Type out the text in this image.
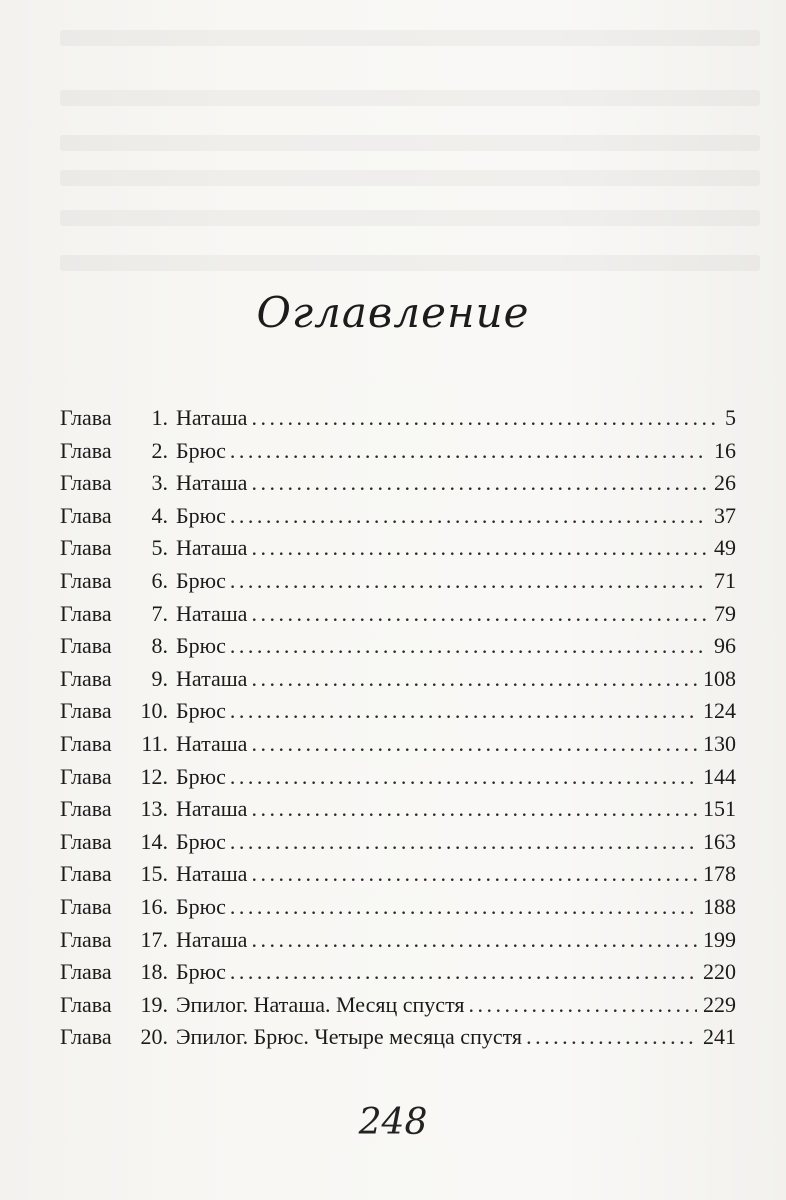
Оглавление
Глава	1. Наташа . . .	5
Глава	2. Брюс . . .	16
Глава	3. Наташа . . .	26
Глава	4. Брюс . . .	37
Глава	5. Наташа . . .	49
Глава	6. Брюс . . .	71
Глава	7. Наташа . . .	79
Глава	8. Брюс . . .	96
Глава	9. Наташа . . .	108
Глава	10. Брюс . . .	124
Глава	11. Наташа . . .	130
Глава	12. Брюс . . .	144
Глава	13. Наташа . . .	151
Глава	14. Брюс . . .	163
Глава	15. Наташа . . .	178
Глава	16. Брюс . . .	188
Глава	17. Наташа . . .	199
Глава	18. Брюс . . .	220
Глава	19. Эпилог. Наташа. Месяц спустя . . .	229
Глава	20. Эпилог. Брюс. Четыре месяца спустя . . .	241
248
